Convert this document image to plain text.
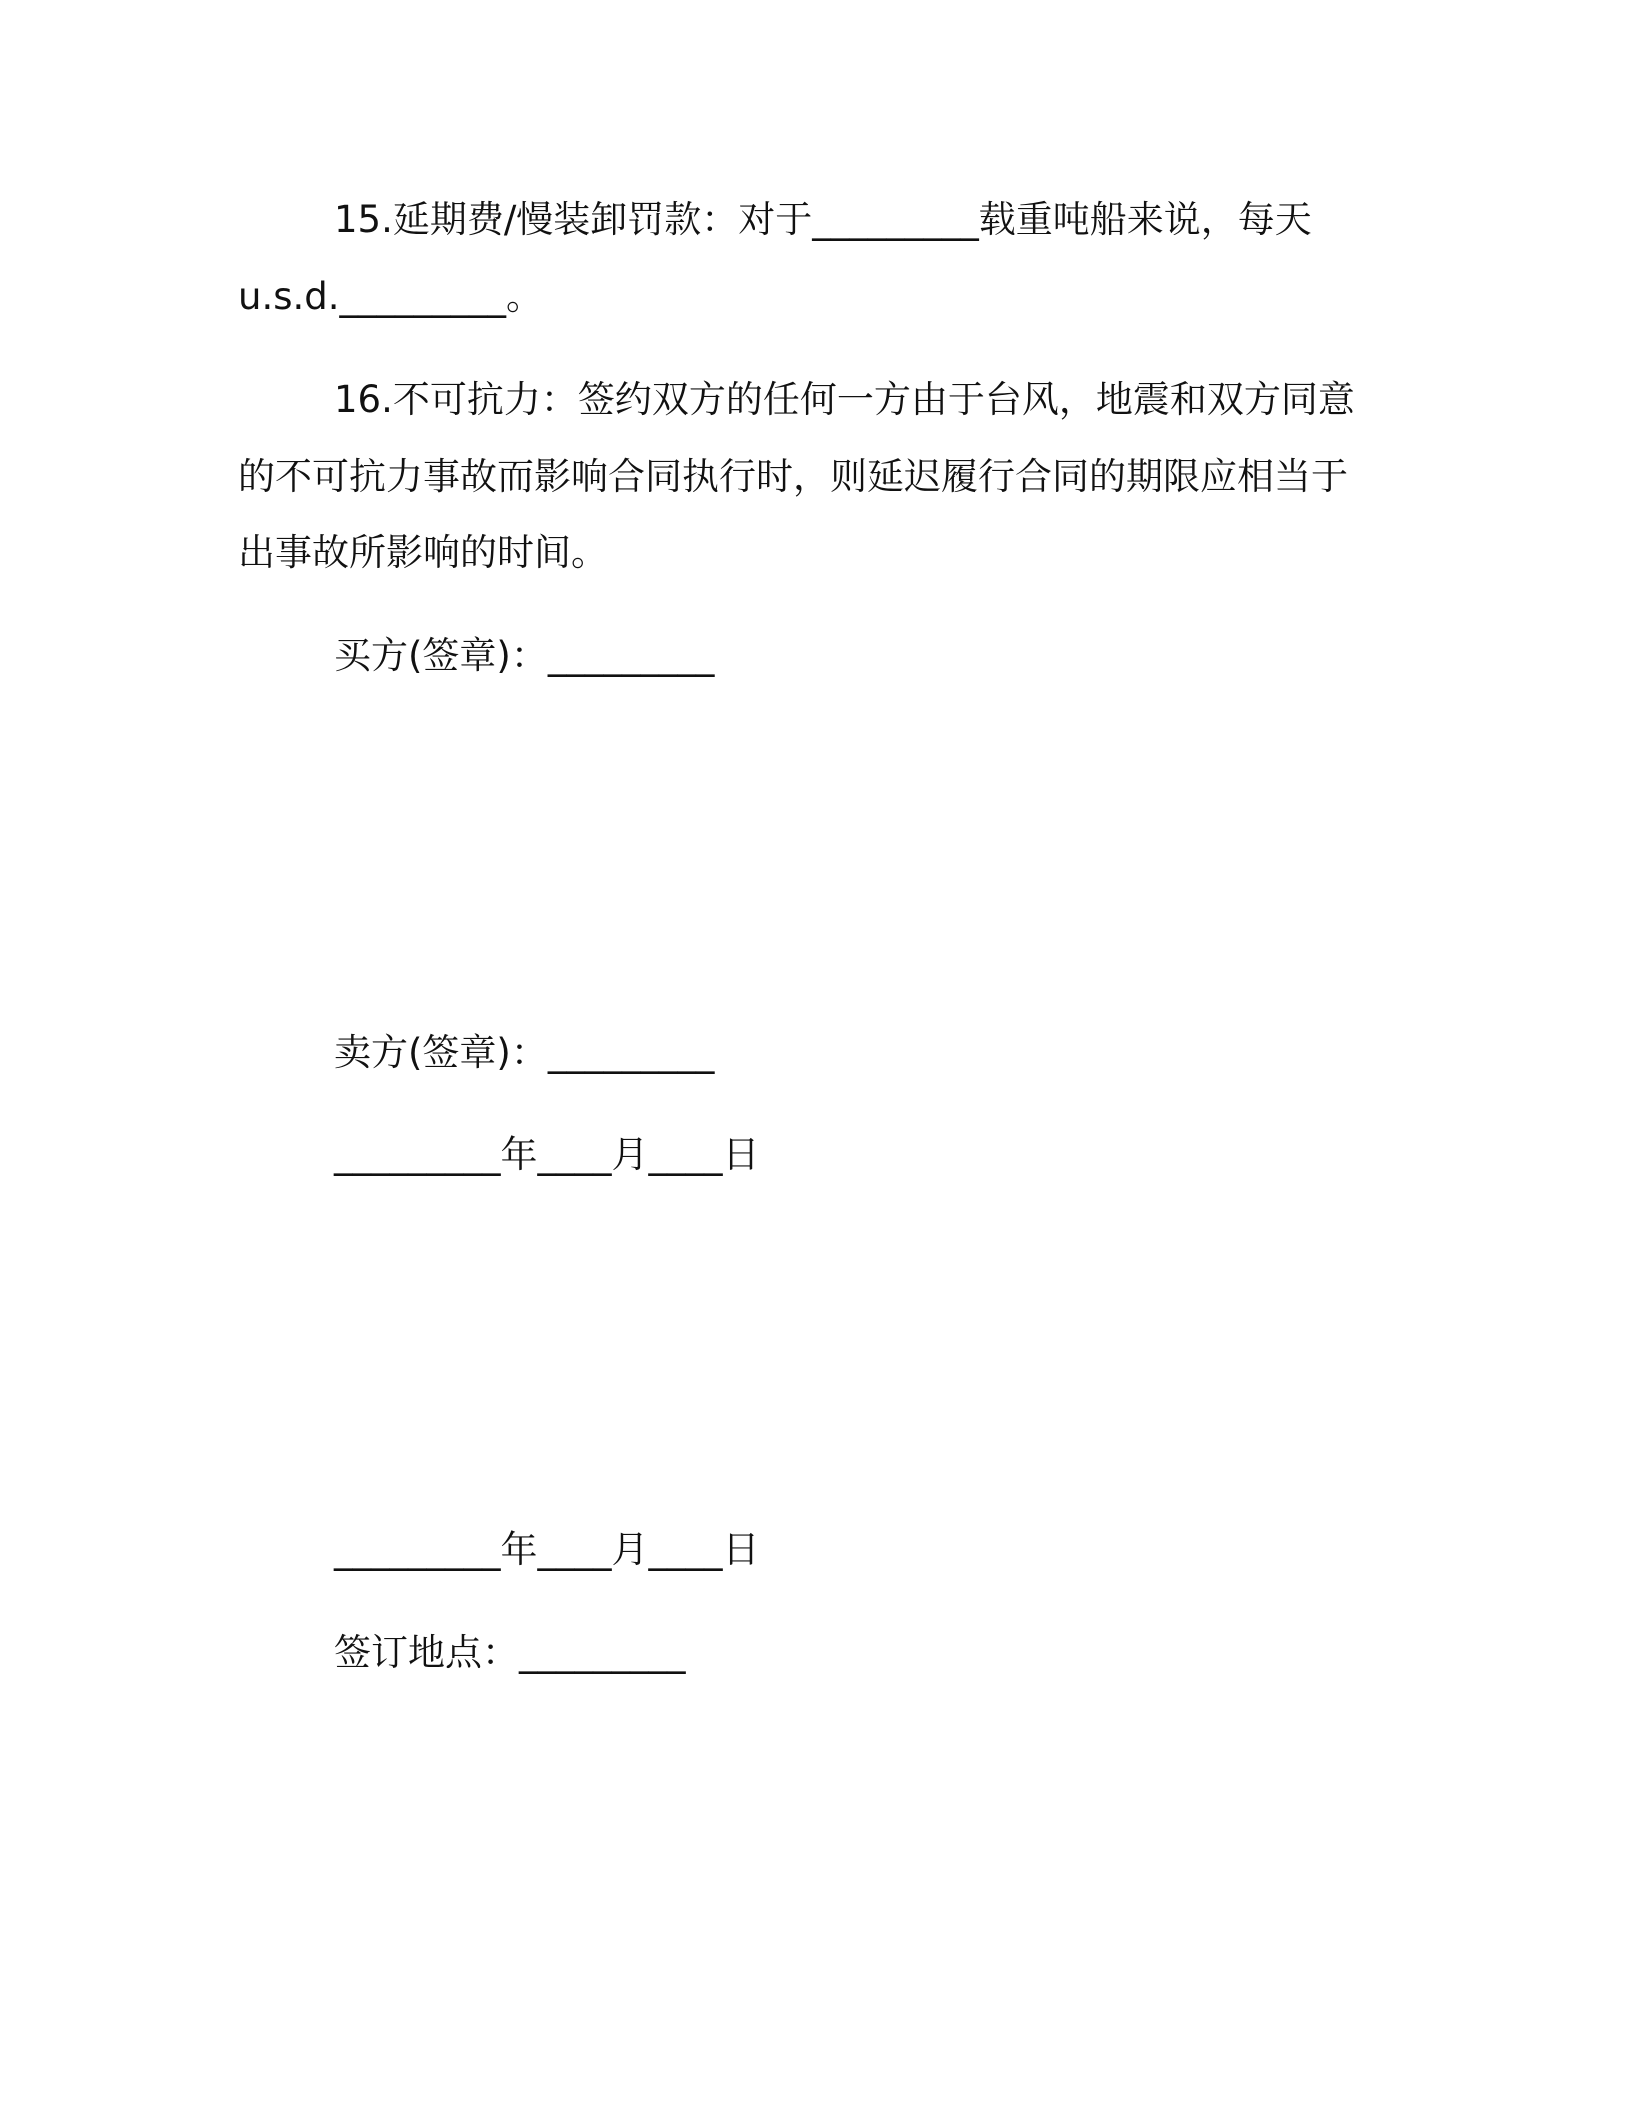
15.延期费/慢装卸罚款：对于_________载重吨船来说，每天
u.s.d._________。
16.不可抗力：签约双方的任何一方由于台风，地震和双方同意
的不可抗力事故而影响合同执行时，则延迟履行合同的期限应相当于
出事故所影响的时间。
买方(签章)：_________
卖方(签章)：_________
_________年____月____日
_________年____月____日
签订地点：_________
